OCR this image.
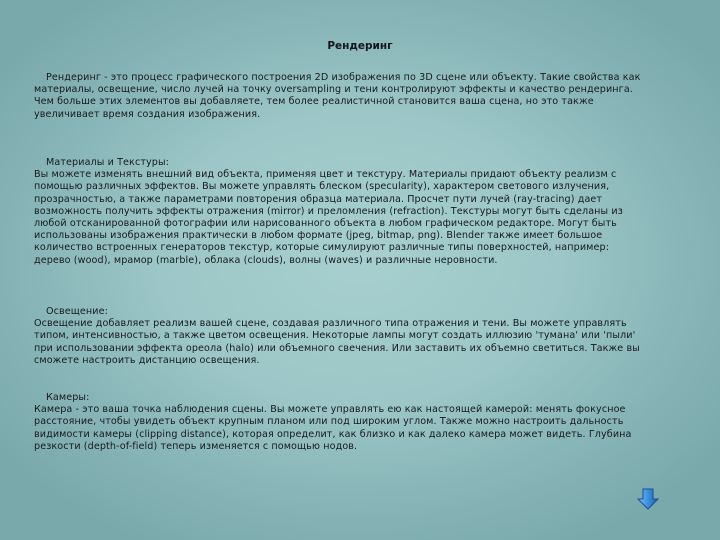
Рендеринг
Рендеринг - это процесс графического построения 2D изображения по 3D сцене или объекту. Такие свойства как материалы, освещение, число лучей на точку oversampling и тени контролируют эффекты и качество рендеринга. Чем больше этих элементов вы добавляете, тем более реалистичной становится ваша сцена, но это также увеличивает время создания изображения.
Материалы и Текстуры:
Вы можете изменять внешний вид объекта, применяя цвет и текстуру. Материалы придают объекту реализм с помощью различных эффектов. Вы можете управлять блеском (specularity), характером светового излучения, прозрачностью, а также параметрами повторения образца материала. Просчет пути лучей (ray-tracing) дает возможность получить эффекты отражения (mirror) и преломления (refraction). Текстуры могут быть сделаны из любой отсканированной фотографии или нарисованного объекта в любом графическом редакторе. Могут быть использованы изображения практически в любом формате (jpeg, bitmap, png). Blender также имеет большое количество встроенных генераторов текстур, которые симулируют различные типы поверхностей, например: дерево (wood), мрамор (marble), облака (clouds), волны (waves) и различные неровности.
Освещение:
Освещение добавляет реализм вашей сцене, создавая различного типа отражения и тени. Вы можете управлять типом, интенсивностью, а также цветом освещения. Некоторые лампы могут создать иллюзию 'тумана' или 'пыли' при использовании эффекта ореола (halo) или объемного свечения. Или заставить их объемно светиться. Также вы сможете настроить дистанцию освещения.
Камеры:
Камера - это ваша точка наблюдения сцены. Вы можете управлять ею как настоящей камерой: менять фокусное расстояние, чтобы увидеть объект крупным планом или под широким углом. Также можно настроить дальность видимости камеры (clipping distance), которая определит, как близко и как далеко камера может видеть. Глубина резкости (depth-of-field) теперь изменяется с помощью нодов.
